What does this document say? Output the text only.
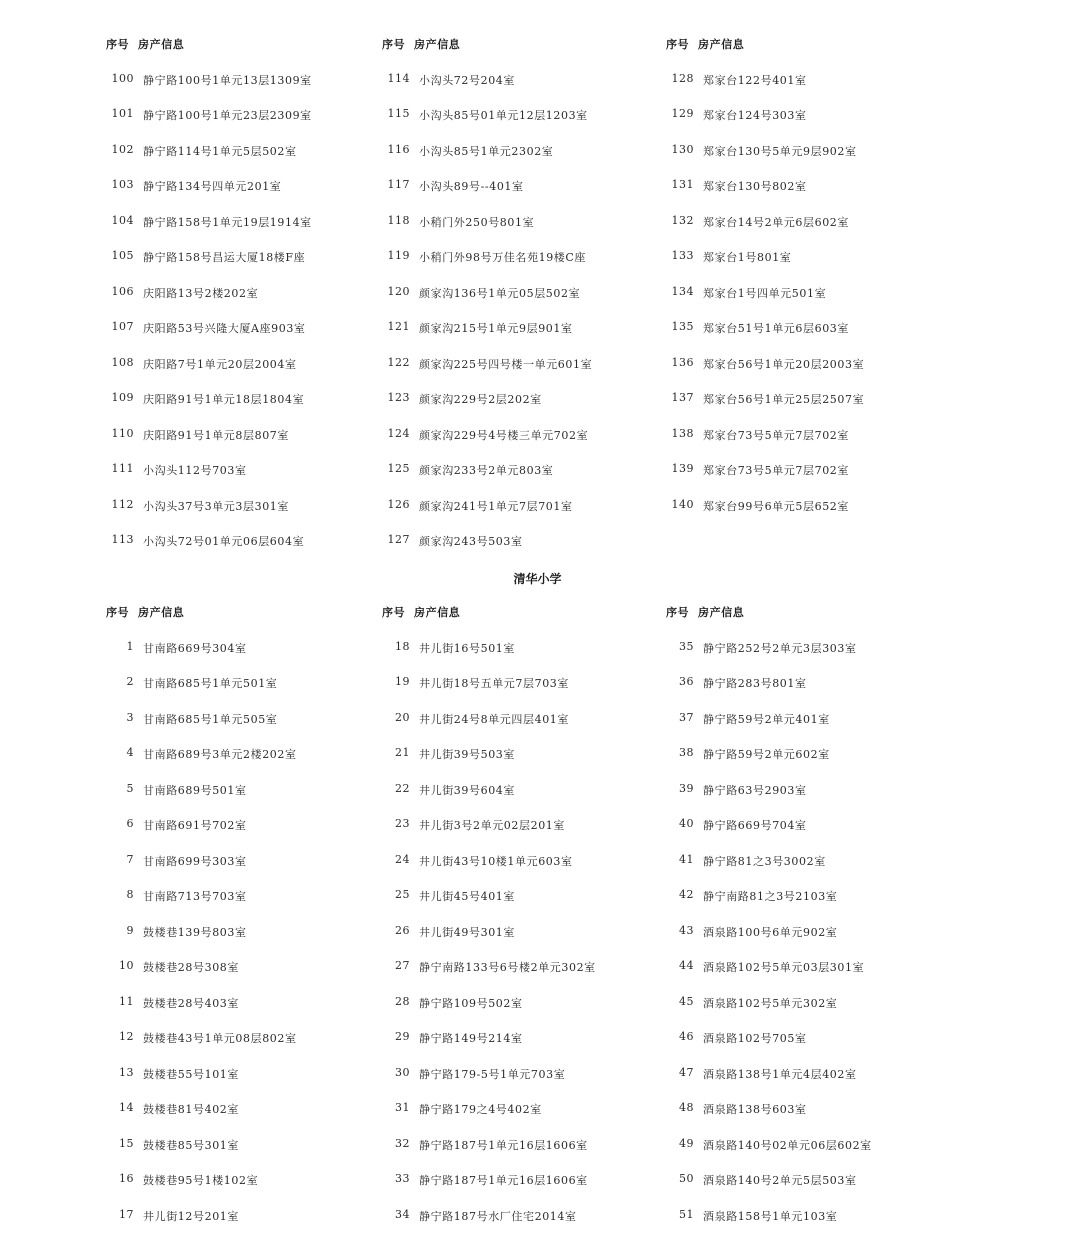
序号 房产信息
100 静宁路100号1单元13层1309室
101 静宁路100号1单元23层2309室
102 静宁路114号1单元5层502室
103 静宁路134号四单元201室
104 静宁路158号1单元19层1914室
105 静宁路158号昌运大厦18楼F座
106 庆阳路13号2楼202室
107 庆阳路53号兴隆大厦A座903室
108 庆阳路7号1单元20层2004室
109 庆阳路91号1单元18层1804室
110 庆阳路91号1单元8层807室
111 小沟头112号703室
112 小沟头37号3单元3层301室
113 小沟头72号01单元06层604室
序号 房产信息
114 小沟头72号204室
115 小沟头85号01单元12层1203室
116 小沟头85号1单元2302室
117 小沟头89号--401室
118 小稍门外250号801室
119 小稍门外98号万佳名苑19楼C座
120 颜家沟136号1单元05层502室
121 颜家沟215号1单元9层901室
122 颜家沟225号四号楼一单元601室
123 颜家沟229号2层202室
124 颜家沟229号4号楼三单元702室
125 颜家沟233号2单元803室
126 颜家沟241号1单元7层701室
127 颜家沟243号503室
序号 房产信息
128 郑家台122号401室
129 郑家台124号303室
130 郑家台130号5单元9层902室
131 郑家台130号802室
132 郑家台14号2单元6层602室
133 郑家台1号801室
134 郑家台1号四单元501室
135 郑家台51号1单元6层603室
136 郑家台56号1单元20层2003室
137 郑家台56号1单元25层2507室
138 郑家台73号5单元7层702室
139 郑家台73号5单元7层702室
140 郑家台99号6单元5层652室
清华小学
序号 房产信息
1 甘南路669号304室
2 甘南路685号1单元501室
3 甘南路685号1单元505室
4 甘南路689号3单元2楼202室
5 甘南路689号501室
6 甘南路691号702室
7 甘南路699号303室
8 甘南路713号703室
9 鼓楼巷139号803室
10 鼓楼巷28号308室
11 鼓楼巷28号403室
12 鼓楼巷43号1单元08层802室
13 鼓楼巷55号101室
14 鼓楼巷81号402室
15 鼓楼巷85号301室
16 鼓楼巷95号1楼102室
17 井儿街12号201室
序号 房产信息
18 井儿街16号501室
19 井儿街18号五单元7层703室
20 井儿街24号8单元四层401室
21 井儿街39号503室
22 井儿街39号604室
23 井儿街3号2单元02层201室
24 井儿街43号10楼1单元603室
25 井儿街45号401室
26 井儿街49号301室
27 静宁南路133号6号楼2单元302室
28 静宁路109号502室
29 静宁路149号214室
30 静宁路179-5号1单元703室
31 静宁路179之4号402室
32 静宁路187号1单元16层1606室
33 静宁路187号1单元16层1606室
34 静宁路187号水厂住宅2014室
序号 房产信息
35 静宁路252号2单元3层303室
36 静宁路283号801室
37 静宁路59号2单元401室
38 静宁路59号2单元602室
39 静宁路63号2903室
40 静宁路669号704室
41 静宁路81之3号3002室
42 静宁南路81之3号2103室
43 酒泉路100号6单元902室
44 酒泉路102号5单元03层301室
45 酒泉路102号5单元302室
46 酒泉路102号705室
47 酒泉路138号1单元4层402室
48 酒泉路138号603室
49 酒泉路140号02单元06层602室
50 酒泉路140号2单元5层503室
51 酒泉路158号1单元103室
